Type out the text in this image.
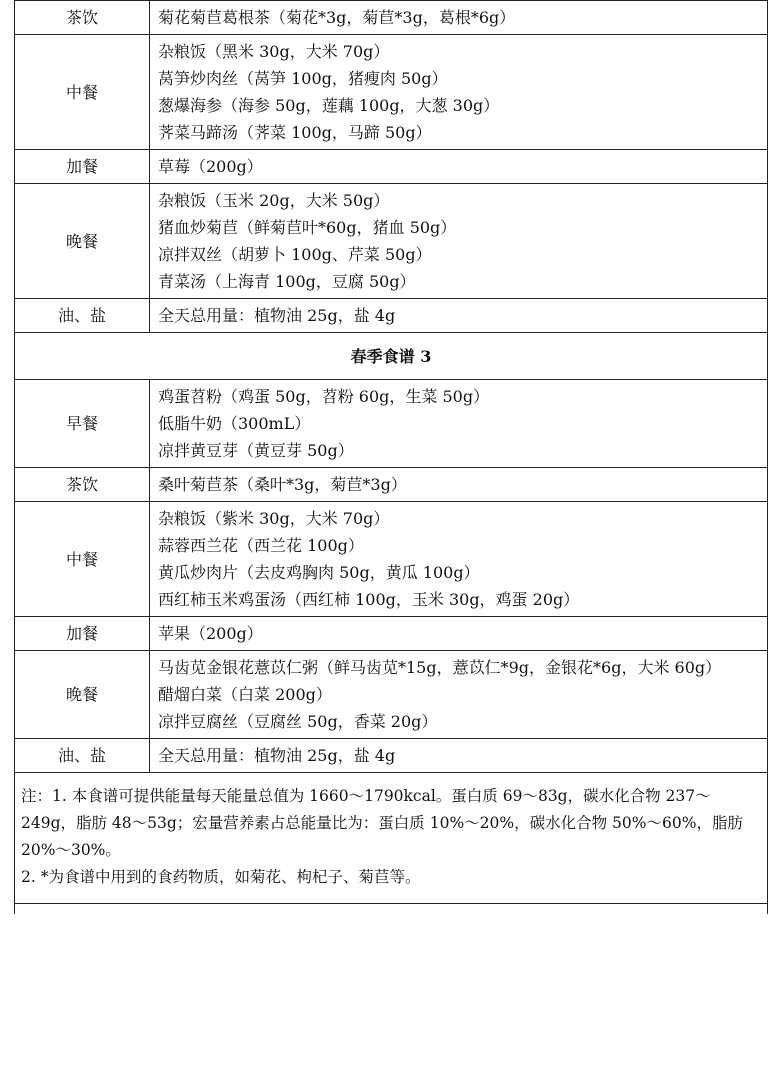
茶饮	菊花菊苣葛根茶（菊花*3g，菊苣*3g，葛根*6g）

中餐	杂粮饭（黑米 30g，大米 70g）
莴笋炒肉丝（莴笋 100g，猪瘦肉 50g）
葱爆海参（海参 50g，莲藕 100g，大葱 30g）
荠菜马蹄汤（荠菜 100g，马蹄 50g）

加餐	草莓（200g）

晚餐	杂粮饭（玉米 20g，大米 50g）
猪血炒菊苣（鲜菊苣叶*60g，猪血 50g）
凉拌双丝（胡萝卜 100g、芹菜 50g）
青菜汤（上海青 100g，豆腐 50g）

油、盐	全天总用量：植物油 25g，盐 4g

春季食谱 3	
早餐	鸡蛋苕粉（鸡蛋 50g，苕粉 60g，生菜 50g）
低脂牛奶（300mL）
凉拌黄豆芽（黄豆芽 50g）

茶饮	桑叶菊苣茶（桑叶*3g，菊苣*3g）

中餐	杂粮饭（紫米 30g，大米 70g）
蒜蓉西兰花（西兰花 100g）
黄瓜炒肉片（去皮鸡胸肉 50g，黄瓜 100g）
西红柿玉米鸡蛋汤（西红柿 100g，玉米 30g，鸡蛋 20g）

加餐	苹果（200g）

晚餐	马齿苋金银花薏苡仁粥（鲜马齿苋*15g，薏苡仁*9g，金银花*6g，大米 60g）
醋熘白菜（白菜 200g）
凉拌豆腐丝（豆腐丝 50g，香菜 20g）

油、盐	全天总用量：植物油 25g，盐 4g

注：1. 本食谱可提供能量每天能量总值为 1660～1790kcal。蛋白质 69～83g，碳水化合物 237～249g，脂肪 48～53g；宏量营养素占总能量比为：蛋白质 10%～20%，碳水化合物 50%～60%，脂肪 20%～30%。
2. *为食谱中用到的食药物质，如菊花、枸杞子、菊苣等。	
